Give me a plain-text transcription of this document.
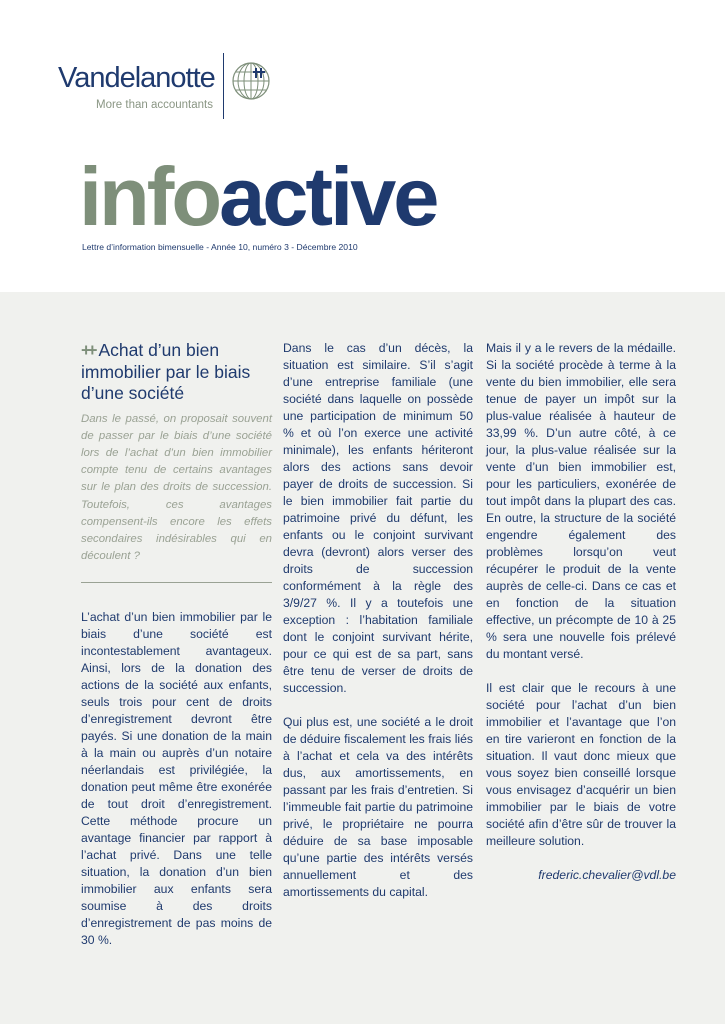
Vandelanotte
More than accountants
infoactive
Lettre d’information bimensuelle - Année 10, numéro 3 - Décembre 2010
++ Achat d’un bien immobilier par le biais d’une société

Dans le passé, on proposait souvent de passer par le biais d’une société lors de l’achat d’un bien immobilier compte tenu de certains avantages sur le plan des droits de succession. Toutefois, ces avantages compensent-ils encore les effets secondaires indésirables qui en découlent ?

L’achat d’un bien immobilier par le biais d’une société est incontestablement avantageux. Ainsi, lors de la donation des actions de la société aux enfants, seuls trois pour cent de droits d’enregistrement devront être payés. Si une donation de la main à la main ou auprès d’un notaire néerlandais est privilégiée, la donation peut même être exonérée de tout droit d’enregistrement. Cette méthode procure un avantage financier par rapport à l’achat privé. Dans une telle situation, la donation d’un bien immobilier aux enfants sera soumise à des droits d’enregistrement de pas moins de 30 %.

Dans le cas d’un décès, la situation est similaire. S’il s’agit d’une entreprise familiale (une société dans laquelle on possède une participation de minimum 50 % et où l’on exerce une activité minimale), les enfants hériteront alors des actions sans devoir payer de droits de succession. Si le bien immobilier fait partie du patrimoine privé du défunt, les enfants ou le conjoint survivant devra (devront) alors verser des droits de succession conformément à la règle des 3/9/27 %. Il y a toutefois une exception : l’habitation familiale dont le conjoint survivant hérite, pour ce qui est de sa part, sans être tenu de verser de droits de succession.

Qui plus est, une société a le droit de déduire fiscalement les frais liés à l’achat et cela va des intérêts dus, aux amortissements, en passant par les frais d’entretien. Si l’immeuble fait partie du patrimoine privé, le propriétaire ne pourra déduire de sa base imposable qu’une partie des intérêts versés annuellement et des amortissements du capital.

Mais il y a le revers de la médaille. Si la société procède à terme à la vente du bien immobilier, elle sera tenue de payer un impôt sur la plus-value réalisée à hauteur de 33,99 %. D’un autre côté, à ce jour, la plus-value réalisée sur la vente d’un bien immobilier est, pour les particuliers, exonérée de tout impôt dans la plupart des cas. En outre, la structure de la société engendre également des problèmes lorsqu’on veut récupérer le produit de la vente auprès de celle-ci. Dans ce cas et en fonction de la situation effective, un précompte de 10 à 25 % sera une nouvelle fois prélevé du montant versé.

Il est clair que le recours à une société pour l’achat d’un bien immobilier et l’avantage que l’on en tire varieront en fonction de la situation. Il vaut donc mieux que vous soyez bien conseillé lorsque vous envisagez d’acquérir un bien immobilier par le biais de votre société afin d’être sûr de trouver la meilleure solution.

frederic.chevalier@vdl.be
